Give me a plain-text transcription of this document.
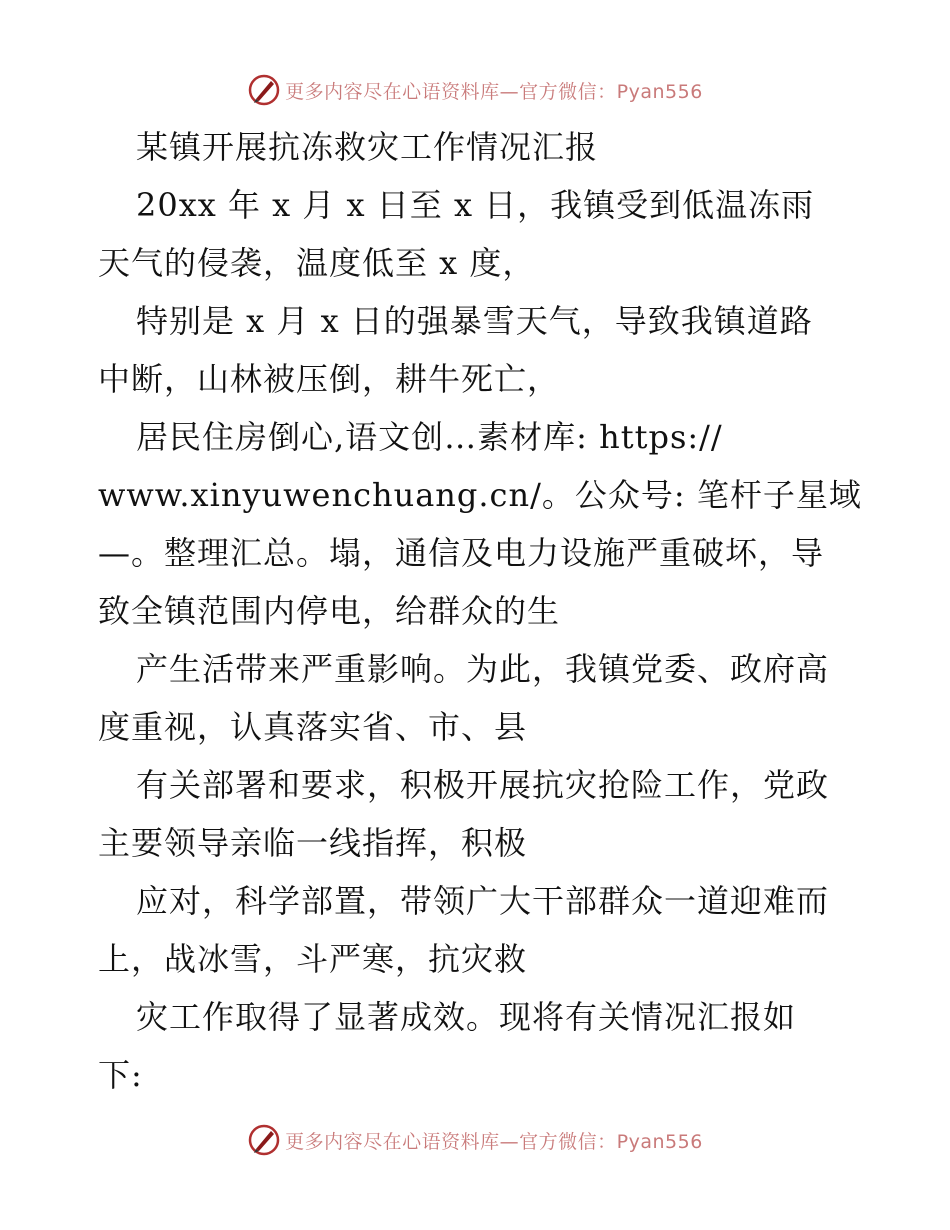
更多内容尽在心语资料库—官方微信：Pyan556
某镇开展抗冻救灾工作情况汇报
20xx 年 x 月 x 日至 x 日，我镇受到低温冻雨
天气的侵袭，温度低至 x 度，
特别是 x 月 x 日的强暴雪天气，导致我镇道路
中断，山林被压倒，耕牛死亡，
居民住房倒心,语文创…素材库: https://
www.xinyuwenchuang.cn/。公众号: 笔杆子星域
—。整理汇总。塌，通信及电力设施严重破坏，导
致全镇范围内停电，给群众的生
产生活带来严重影响。为此，我镇党委、政府高
度重视，认真落实省、市、县
有关部署和要求，积极开展抗灾抢险工作，党政
主要领导亲临一线指挥，积极
应对，科学部置，带领广大干部群众一道迎难而
上，战冰雪，斗严寒，抗灾救
灾工作取得了显著成效。现将有关情况汇报如
下:
更多内容尽在心语资料库—官方微信：Pyan556
